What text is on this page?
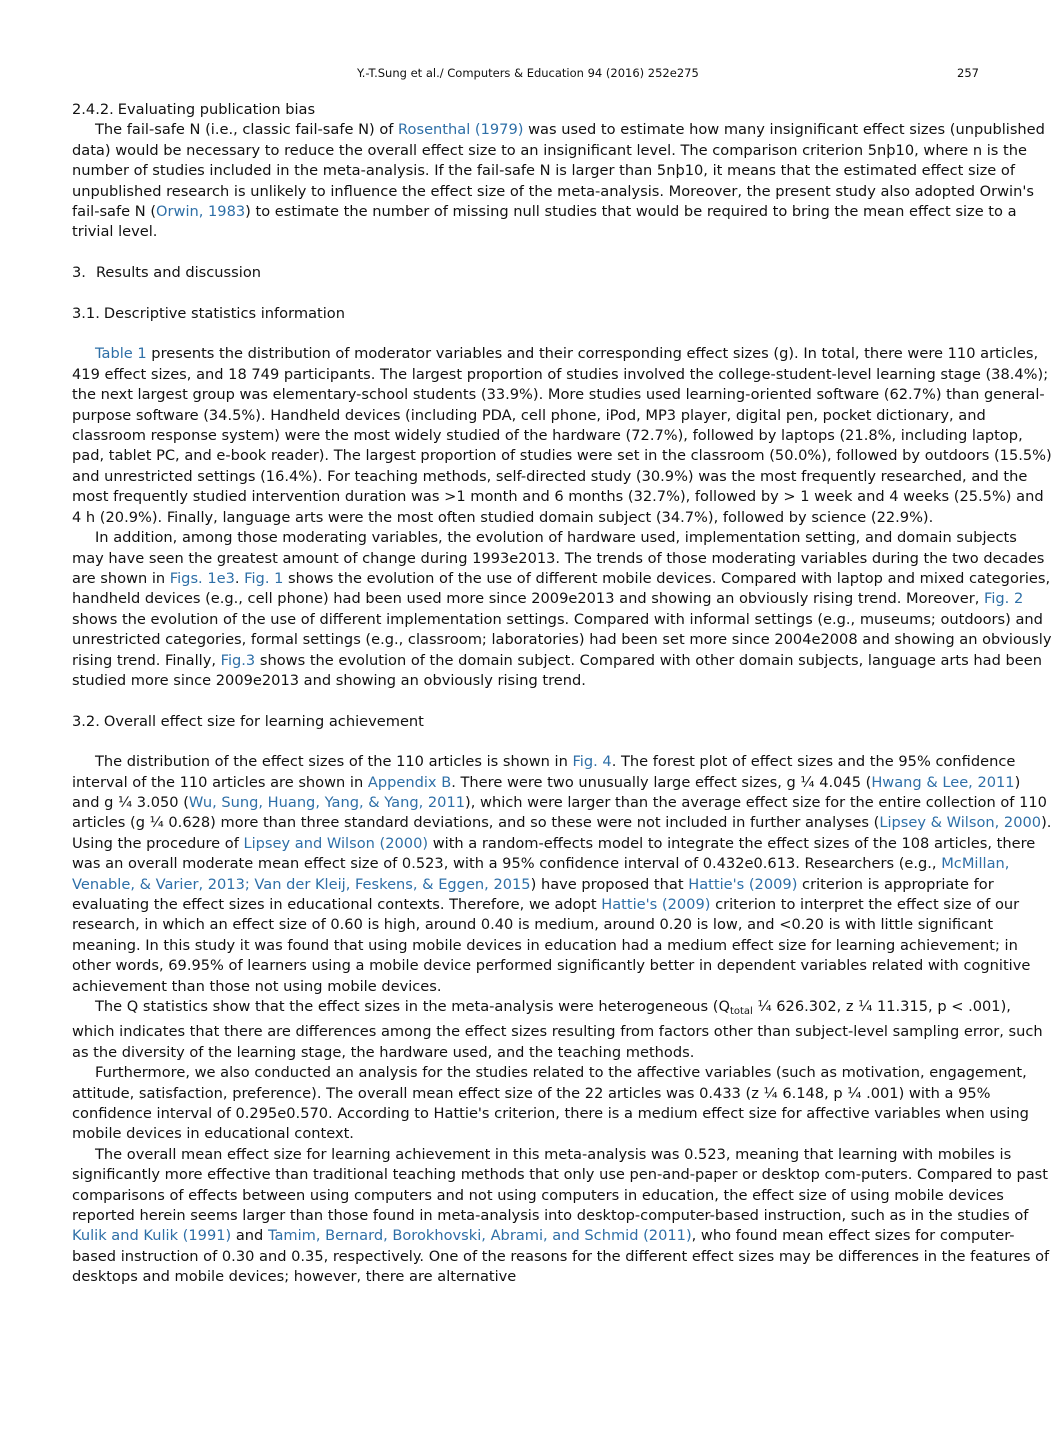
Y.-T.Sung et al./ Computers & Education 94 (2016) 252e275	257
2.4.2. Evaluating publication bias

The fail-safe N (i.e., classic fail-safe N) of Rosenthal (1979) was used to estimate how many insignificant effect sizes (unpublished data) would be necessary to reduce the overall effect size to an insignificant level. The comparison criterion 5nþ10, where n is the number of studies included in the meta-analysis. If the fail-safe N is larger than 5nþ10, it means that the estimated effect size of unpublished research is unlikely to influence the effect size of the meta-analysis. Moreover, the present study also adopted Orwin's fail-safe N (Orwin, 1983) to estimate the number of missing null studies that would be required to bring the mean effect size to a trivial level.

3. Results and discussion
3.1. Descriptive statistics information

Table 1 presents the distribution of moderator variables and their corresponding effect sizes (g). In total, there were 110 articles, 419 effect sizes, and 18 749 participants. The largest proportion of studies involved the college-student-level learning stage (38.4%); the next largest group was elementary-school students (33.9%). More studies used learning-oriented software (62.7%) than general-purpose software (34.5%). Handheld devices (including PDA, cell phone, iPod, MP3 player, digital pen, pocket dictionary, and classroom response system) were the most widely studied of the hardware (72.7%), followed by laptops (21.8%, including laptop, pad, tablet PC, and e-book reader). The largest proportion of studies were set in the classroom (50.0%), followed by outdoors (15.5%) and unrestricted settings (16.4%). For teaching methods, self-directed study (30.9%) was the most frequently researched, and the most frequently studied intervention duration was >1 month and 6 months (32.7%), followed by > 1 week and 4 weeks (25.5%) and 4 h (20.9%). Finally, language arts were the most often studied domain subject (34.7%), followed by science (22.9%).

In addition, among those moderating variables, the evolution of hardware used, implementation setting, and domain subjects may have seen the greatest amount of change during 1993e2013. The trends of those moderating variables during the two decades are shown in Figs. 1e3. Fig. 1 shows the evolution of the use of different mobile devices. Compared with laptop and mixed categories, handheld devices (e.g., cell phone) had been used more since 2009e2013 and showing an obviously rising trend. Moreover, Fig. 2 shows the evolution of the use of different implementation settings. Compared with informal settings (e.g., museums; outdoors) and unrestricted categories, formal settings (e.g., classroom; laboratories) had been set more since 2004e2008 and showing an obviously rising trend. Finally, Fig.3 shows the evolution of the domain subject. Compared with other domain subjects, language arts had been studied more since 2009e2013 and showing an obviously rising trend.

3.2. Overall effect size for learning achievement

The distribution of the effect sizes of the 110 articles is shown in Fig. 4. The forest plot of effect sizes and the 95% confidence interval of the 110 articles are shown in Appendix B. There were two unusually large effect sizes, g ¼ 4.045 (Hwang & Lee, 2011) and g ¼ 3.050 (Wu, Sung, Huang, Yang, & Yang, 2011), which were larger than the average effect size for the entire collection of 110 articles (g ¼ 0.628) more than three standard deviations, and so these were not included in further analyses (Lipsey & Wilson, 2000). Using the procedure of Lipsey and Wilson (2000) with a random-effects model to integrate the effect sizes of the 108 articles, there was an overall moderate mean effect size of 0.523, with a 95% confidence interval of 0.432e0.613. Researchers (e.g., McMillan, Venable, & Varier, 2013; Van der Kleij, Feskens, & Eggen, 2015) have proposed that Hattie's (2009) criterion is appropriate for evaluating the effect sizes in educational contexts. Therefore, we adopt Hattie's (2009) criterion to interpret the effect size of our research, in which an effect size of 0.60 is high, around 0.40 is medium, around 0.20 is low, and <0.20 is with little significant meaning. In this study it was found that using mobile devices in education had a medium effect size for learning achievement; in other words, 69.95% of learners using a mobile device performed significantly better in dependent variables related with cognitive achievement than those not using mobile devices.

The Q statistics show that the effect sizes in the meta-analysis were heterogeneous ($Q_{total}$ ¼ 626.302, z ¼ 11.315, p < .001), which indicates that there are differences among the effect sizes resulting from factors other than subject-level sampling error, such as the diversity of the learning stage, the hardware used, and the teaching methods.

Furthermore, we also conducted an analysis for the studies related to the affective variables (such as motivation, engagement, attitude, satisfaction, preference). The overall mean effect size of the 22 articles was 0.433 (z ¼ 6.148, p ¼ .001) with a 95% confidence interval of 0.295e0.570. According to Hattie's criterion, there is a medium effect size for affective variables when using mobile devices in educational context.

The overall mean effect size for learning achievement in this meta-analysis was 0.523, meaning that learning with mobiles is significantly more effective than traditional teaching methods that only use pen-and-paper or desktop com-puters. Compared to past comparisons of effects between using computers and not using computers in education, the effect size of using mobile devices reported herein seems larger than those found in meta-analysis into desktop-computer-based instruction, such as in the studies of Kulik and Kulik (1991) and Tamim, Bernard, Borokhovski, Abrami, and Schmid (2011), who found mean effect sizes for computer-based instruction of 0.30 and 0.35, respectively. One of the reasons for the different effect sizes may be differences in the features of desktops and mobile devices; however, there are alternative
